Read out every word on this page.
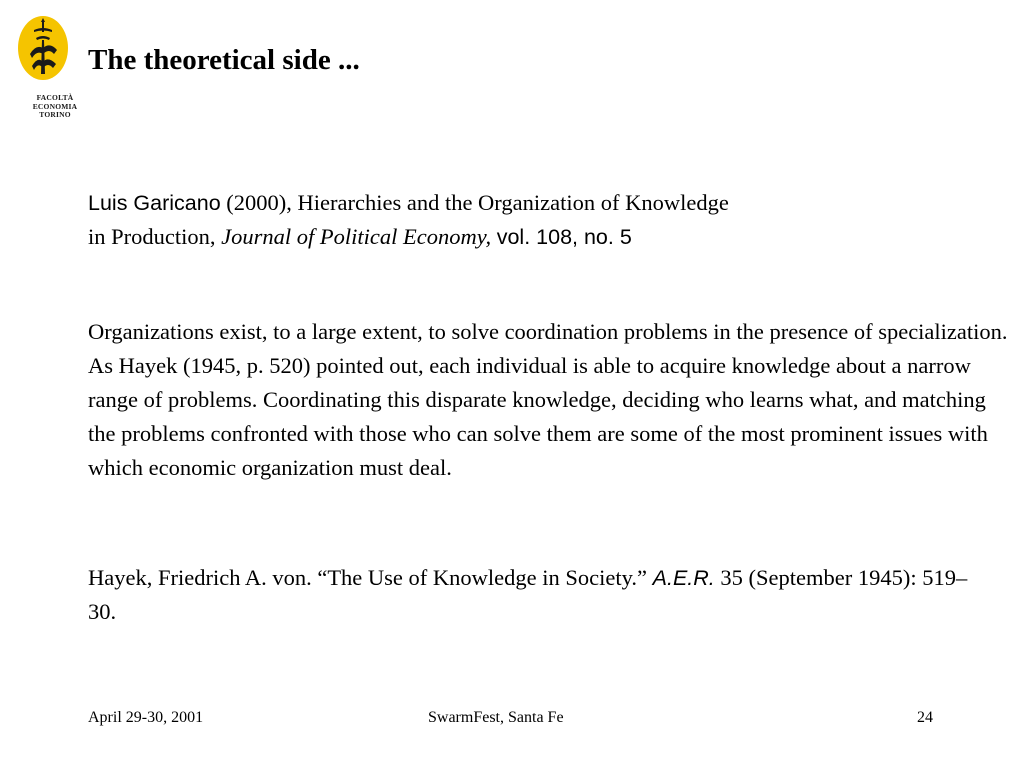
FACOLTÀ
ECONOMIA
TORINO
The theoretical side ...
Luis Garicano (2000), Hierarchies and the Organization of Knowledge
in Production, Journal of Political Economy, vol. 108, no. 5

Organizations exist, to a large extent, to solve coordination problems in the presence of specialization. As Hayek (1945, p. 520) pointed out, each individual is able to acquire knowledge about a narrow range of problems. Coordinating this disparate knowledge, deciding who learns what, and matching the problems confronted with those who can solve them are some of the most prominent issues with which economic organization must deal.

Hayek, Friedrich A. von. “The Use of Knowledge in Society.” A.E.R. 35 (September 1945): 519–30.

April 29-30, 2001	SwarmFest, Santa Fe	24
